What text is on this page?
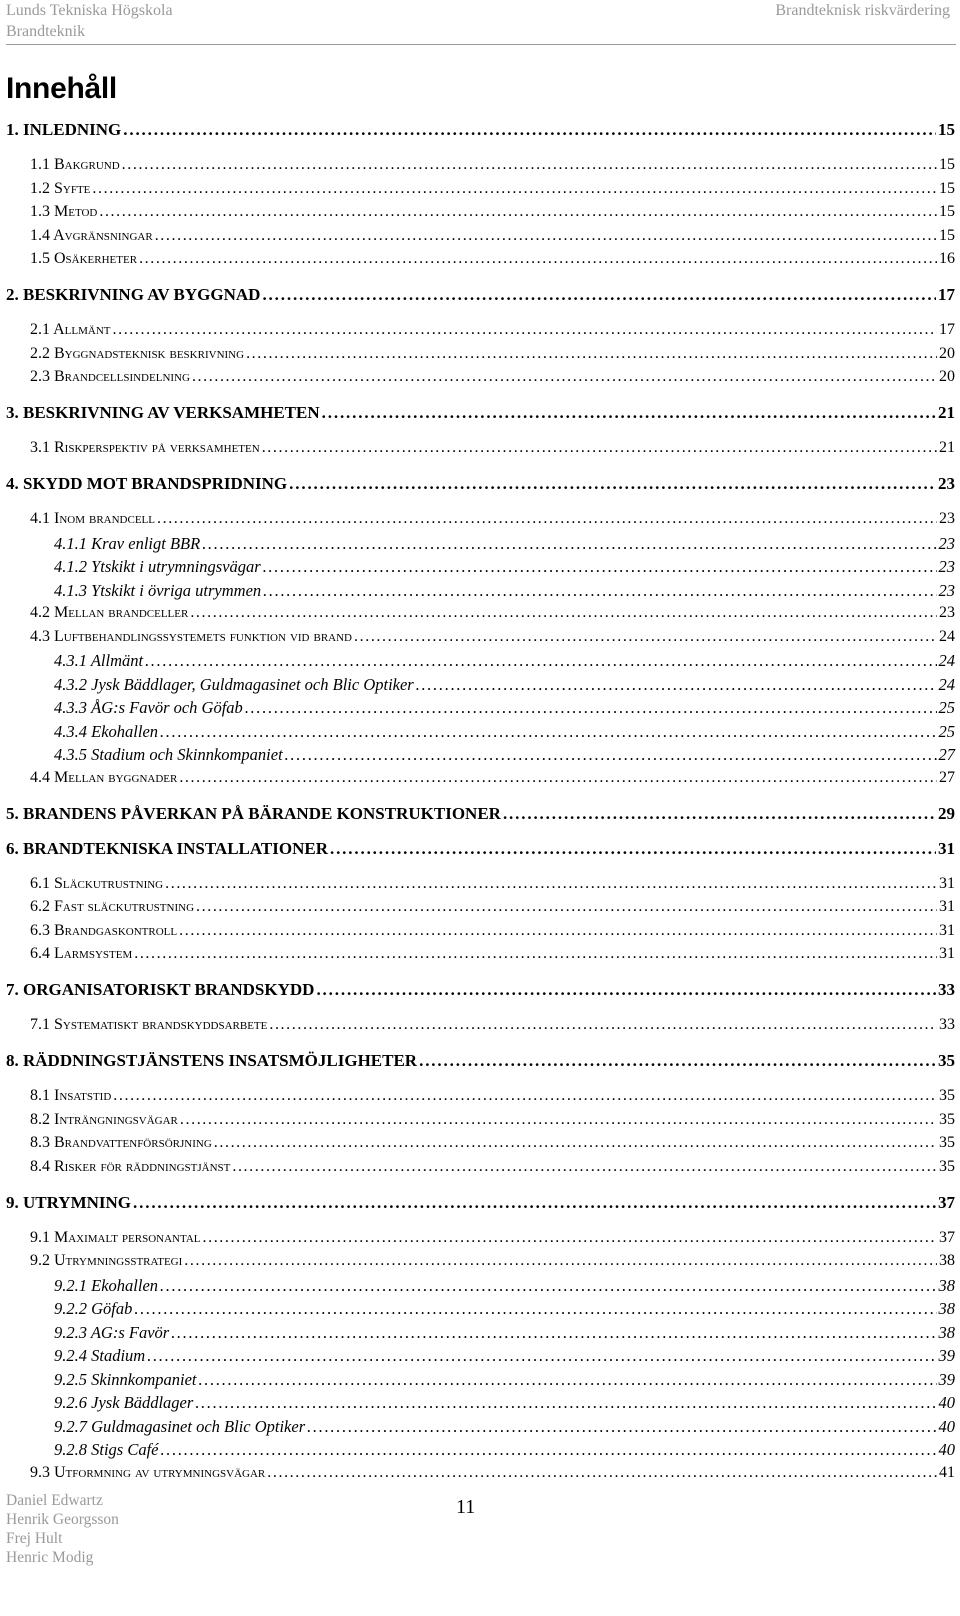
Lunds Tekniska Högskola
Brandteknik
Brandteknisk riskvärdering
Innehåll
1. INLEDNING . . .	15
1.1 Bakgrund . . .	15
1.2 Syfte . . .	15
1.3 Metod . . .	15
1.4 Avgränsningar . . .	15
1.5 Osäkerheter . . .	16
2. BESKRIVNING AV BYGGNAD . . .	17
2.1 Allmänt . . .	17
2.2 Byggnadsteknisk beskrivning . . .	20
2.3 Brandcellsindelning . . .	20
3. BESKRIVNING AV VERKSAMHETEN . . .	21
3.1 Riskperspektiv på verksamheten . . .	21
4. SKYDD MOT BRANDSPRIDNING . . .	23
4.1 Inom brandcell . . .	23
4.1.1 Krav enligt BBR . . .	23
4.1.2 Ytskikt i utrymningsvägar . . .	23
4.1.3 Ytskikt i övriga utrymmen . . .	23
4.2 Mellan brandceller . . .	23
4.3 Luftbehandlingssystemets funktion vid brand . . .	24
4.3.1 Allmänt . . .	24
4.3.2 Jysk Bäddlager, Guldmagasinet och Blic Optiker . . .	24
4.3.3 ÅG:s Favör och Göfab . . .	25
4.3.4 Ekohallen . . .	25
4.3.5 Stadium och Skinnkompaniet . . .	27
4.4 Mellan byggnader . . .	27
5. BRANDENS PÅVERKAN PÅ BÄRANDE KONSTRUKTIONER . . .	29
6. BRANDTEKNISKA INSTALLATIONER . . .	31
6.1 Släckutrustning . . .	31
6.2 Fast släckutrustning . . .	31
6.3 Brandgaskontroll . . .	31
6.4 Larmsystem . . .	31
7. ORGANISATORISKT BRANDSKYDD . . .	33
7.1 Systematiskt brandskyddsarbete . . .	33
8. RÄDDNINGSTJÄNSTENS INSATSMÖJLIGHETER . . .	35
8.1 Insatstid . . .	35
8.2 Inträngningsvägar . . .	35
8.3 Brandvattenförsörjning . . .	35
8.4 Risker för räddningstjänst . . .	35
9. UTRYMNING . . .	37
9.1 Maximalt personantal . . .	37
9.2 Utrymningsstrategi . . .	38
9.2.1 Ekohallen . . .	38
9.2.2 Göfab . . .	38
9.2.3 AG:s Favör . . .	38
9.2.4 Stadium . . .	39
9.2.5 Skinnkompaniet . . .	39
9.2.6 Jysk Bäddlager . . .	40
9.2.7 Guldmagasinet och Blic Optiker . . .	40
9.2.8 Stigs Café . . .	40
9.3 Utformning av utrymningsvägar . . .	41
Daniel Edwartz
Henrik Georgsson
Frej Hult
Henric Modig
11
